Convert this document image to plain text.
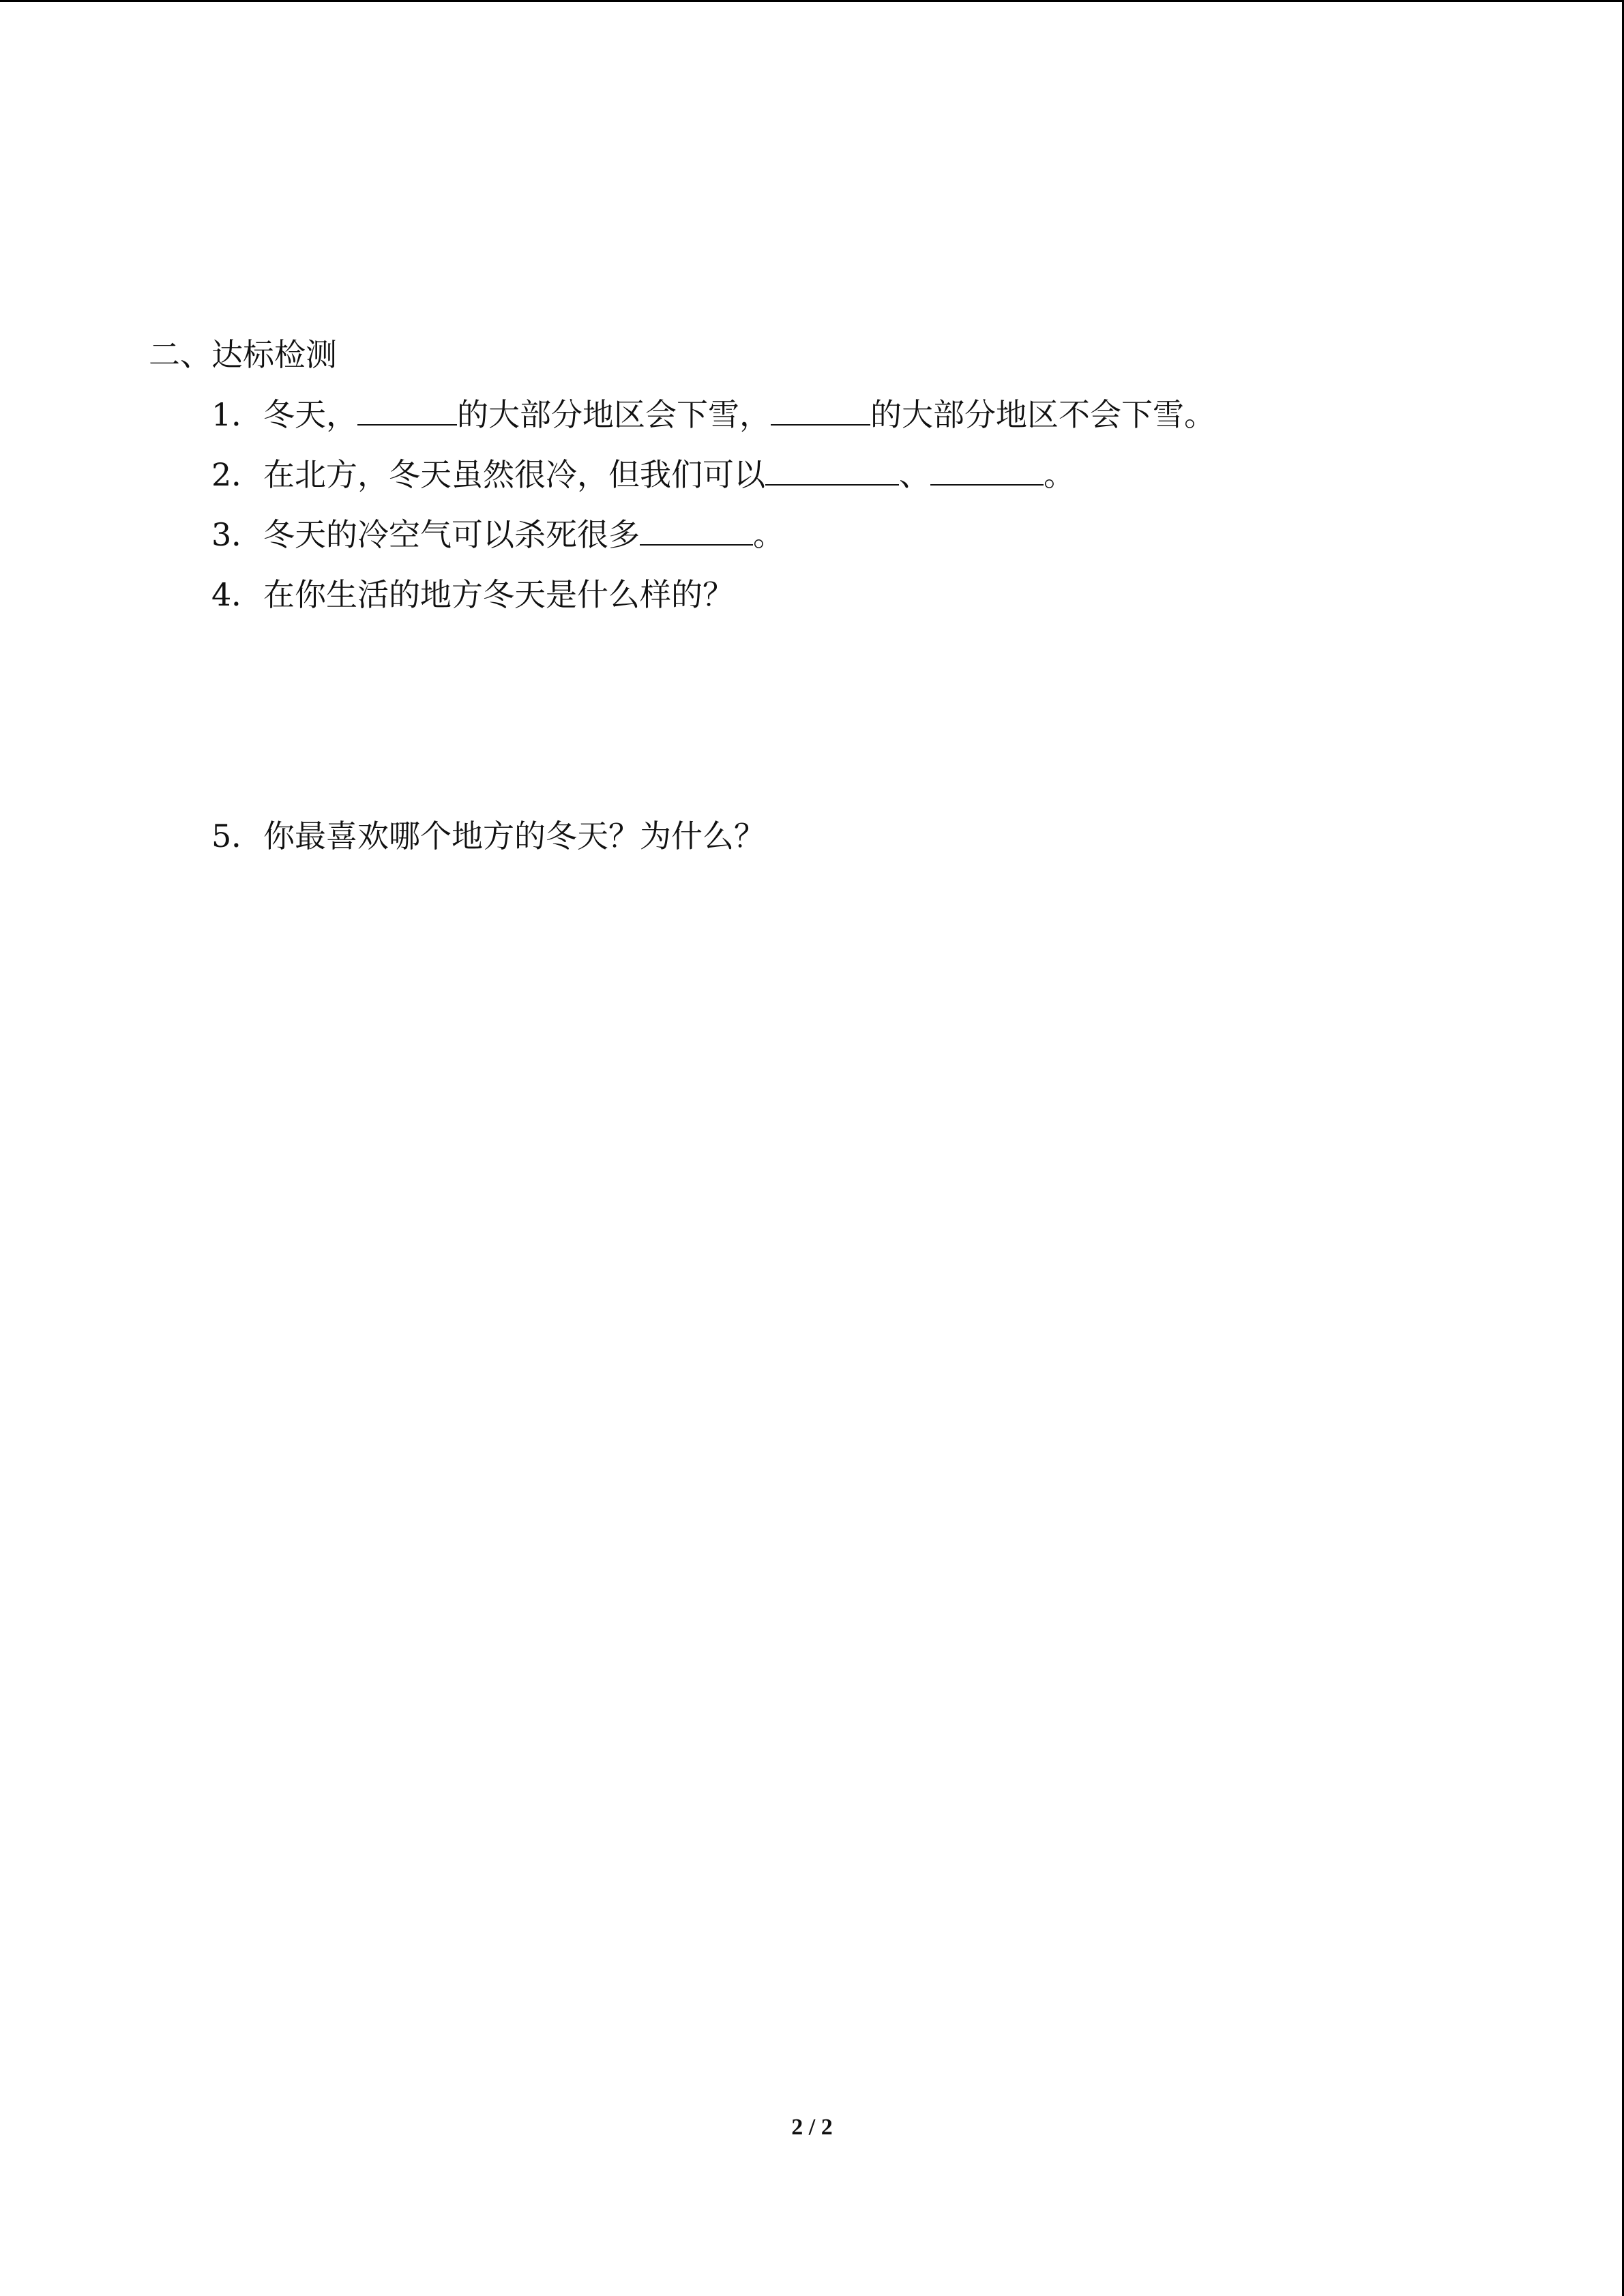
二、达标检测
1．冬天，	的大部分地区会下雪，	的大部分地区不会下雪。
2．在北方，冬天虽然很冷，但我们可以	、	。
3．冬天的冷空气可以杀死很多	。
4．在你生活的地方冬天是什么样的？
5．你最喜欢哪个地方的冬天？为什么？
2 / 2
